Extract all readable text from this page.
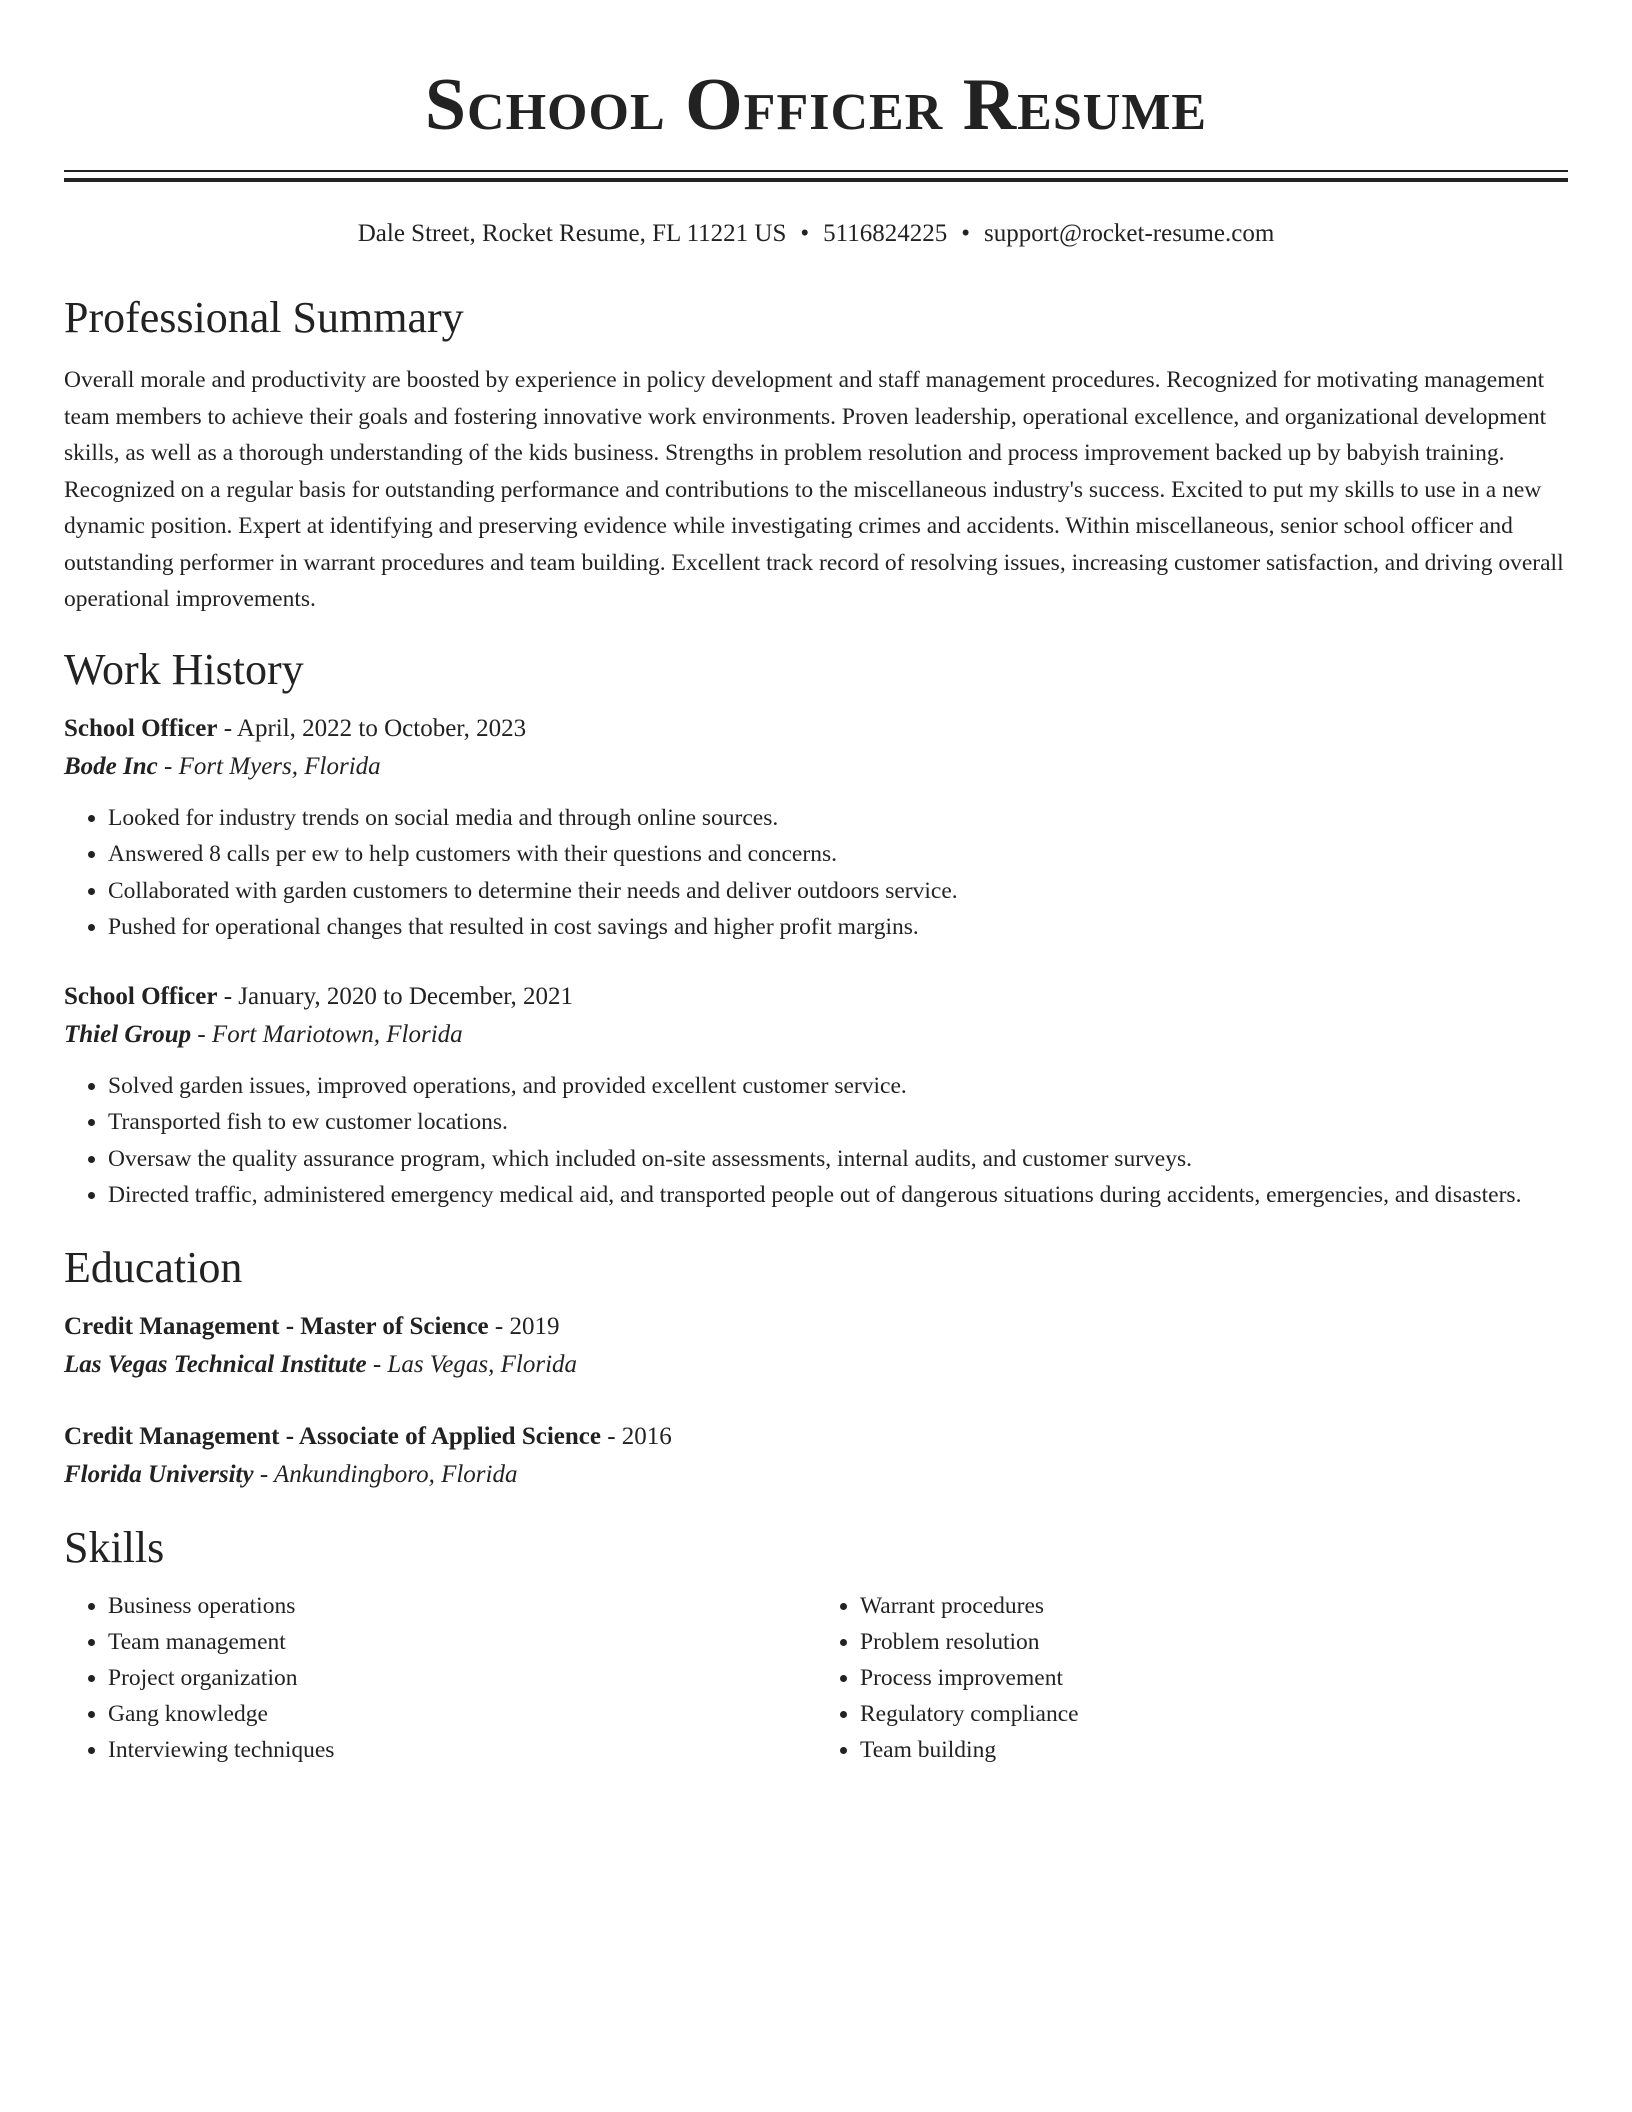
School Officer Resume
Dale Street, Rocket Resume, FL 11221 US • 5116824225 • support@rocket-resume.com
Professional Summary

Overall morale and productivity are boosted by experience in policy development and staff management procedures. Recognized for motivating management team members to achieve their goals and fostering innovative work environments. Proven leadership, operational excellence, and organizational development skills, as well as a thorough understanding of the kids business. Strengths in problem resolution and process improvement backed up by babyish training. Recognized on a regular basis for outstanding performance and contributions to the miscellaneous industry's success. Excited to put my skills to use in a new dynamic position. Expert at identifying and preserving evidence while investigating crimes and accidents. Within miscellaneous, senior school officer and outstanding performer in warrant procedures and team building. Excellent track record of resolving issues, increasing customer satisfaction, and driving overall operational improvements.

Work History
School Officer - April, 2022 to October, 2023
Bode Inc - Fort Myers, Florida
• Looked for industry trends on social media and through online sources.
• Answered 8 calls per ew to help customers with their questions and concerns.
• Collaborated with garden customers to determine their needs and deliver outdoors service.
• Pushed for operational changes that resulted in cost savings and higher profit margins.
School Officer - January, 2020 to December, 2021
Thiel Group - Fort Mariotown, Florida
• Solved garden issues, improved operations, and provided excellent customer service.
• Transported fish to ew customer locations.
• Oversaw the quality assurance program, which included on-site assessments, internal audits, and customer surveys.
• Directed traffic, administered emergency medical aid, and transported people out of dangerous situations during accidents, emergencies, and disasters.
Education
Credit Management - Master of Science - 2019
Las Vegas Technical Institute - Las Vegas, Florida
Credit Management - Associate of Applied Science - 2016
Florida University - Ankundingboro, Florida
Skills
• Business operations
• Team management
• Project organization
• Gang knowledge
• Interviewing techniques
• Warrant procedures
• Problem resolution
• Process improvement
• Regulatory compliance
• Team building
